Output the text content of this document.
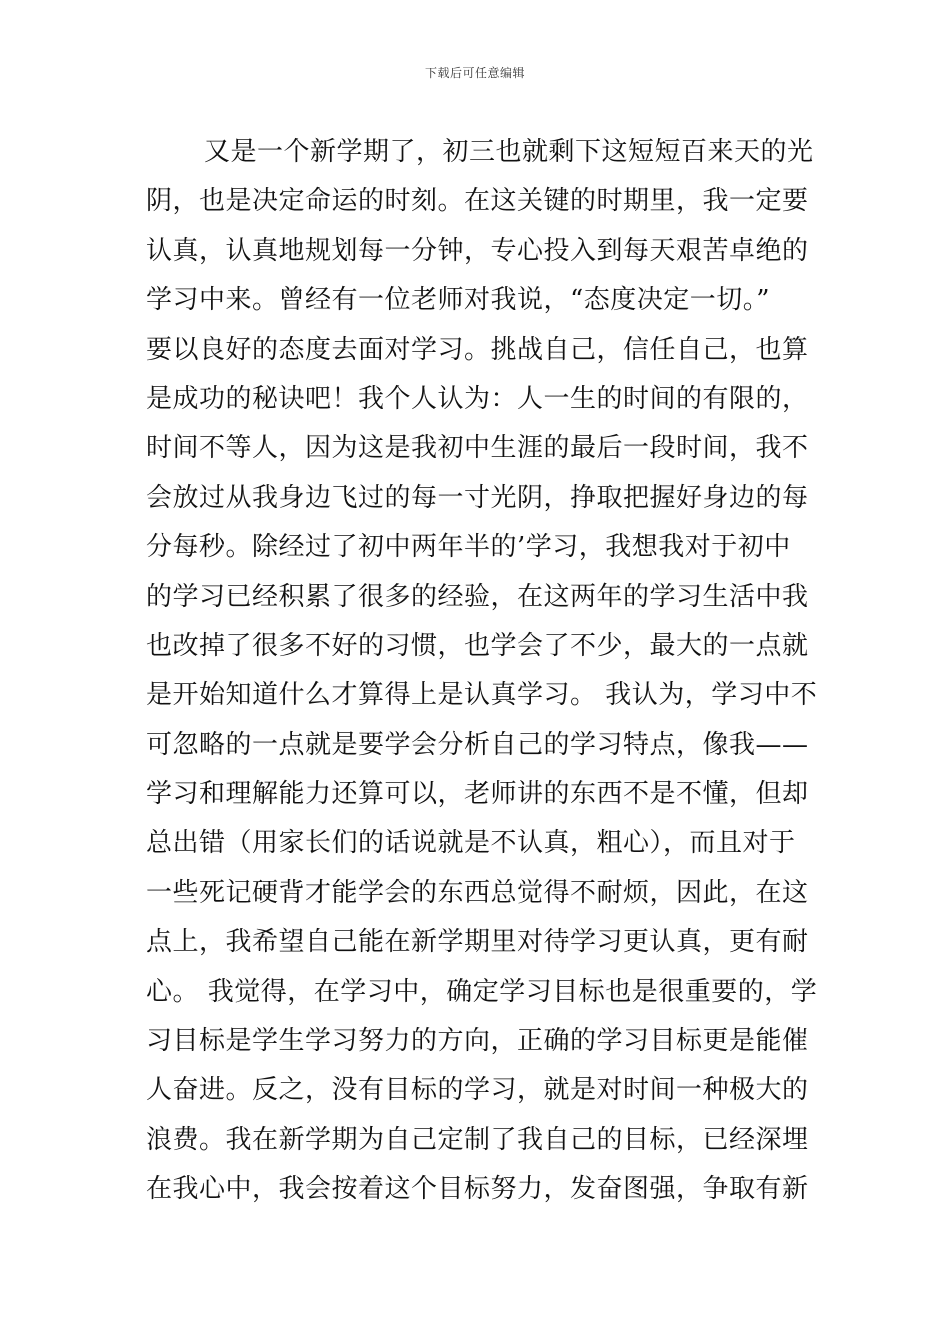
下载后可任意编辑
又是一个新学期了，初三也就剩下这短短百来天的光
阴，也是决定命运的时刻。在这关键的时期里，我一定要
认真，认真地规划每一分钟，专心投入到每天艰苦卓绝的
学习中来。曾经有一位老师对我说，“态度决定一切。”
要以良好的态度去面对学习。挑战自己，信任自己，也算
是成功的秘诀吧！我个人认为：人一生的时间的有限的，
时间不等人，因为这是我初中生涯的最后一段时间，我不
会放过从我身边飞过的每一寸光阴，挣取把握好身边的每
分每秒。除经过了初中两年半的’学习，我想我对于初中
的学习已经积累了很多的经验，在这两年的学习生活中我
也改掉了很多不好的习惯，也学会了不少，最大的一点就
是开始知道什么才算得上是认真学习。 我认为，学习中不
可忽略的一点就是要学会分析自己的学习特点，像我——
学习和理解能力还算可以，老师讲的东西不是不懂，但却
总出错（用家长们的话说就是不认真，粗心），而且对于
一些死记硬背才能学会的东西总觉得不耐烦，因此，在这
点上，我希望自己能在新学期里对待学习更认真，更有耐
心。 我觉得，在学习中，确定学习目标也是很重要的，学
习目标是学生学习努力的方向，正确的学习目标更是能催
人奋进。反之，没有目标的学习，就是对时间一种极大的
浪费。我在新学期为自己定制了我自己的目标，已经深埋
在我心中，我会按着这个目标努力，发奋图强，争取有新
